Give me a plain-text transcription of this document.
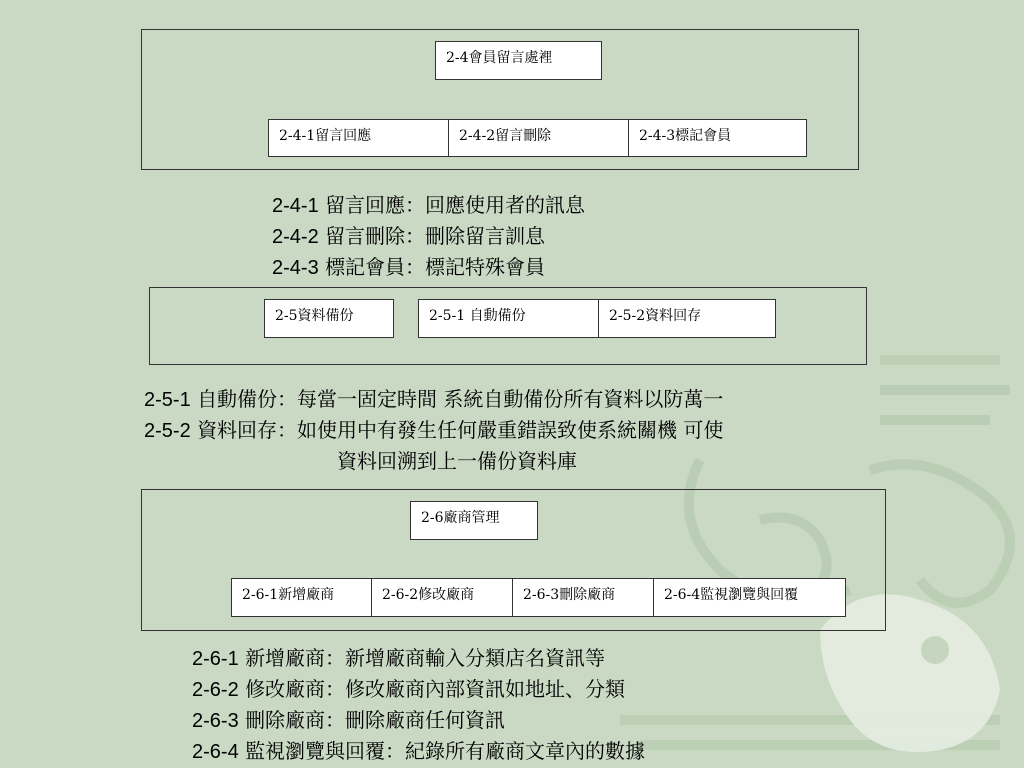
2-4會員留言處裡
2-4-1留言回應	2-4-2留言刪除	2-4-3標記會員
2-4-1 留言回應：回應使用者的訊息
2-4-2 留言刪除：刪除留言訓息
2-4-3 標記會員：標記特殊會員
2-5資料備份	2-5-1 自動備份	2-5-2資料回存
2-5-1 自動備份：每當一固定時間 系統自動備份所有資料以防萬一
2-5-2 資料回存：如使用中有發生任何嚴重錯誤致使系統關機 可使
資料回溯到上一備份資料庫
2-6廠商管理
2-6-1新增廠商	2-6-2修改廠商	2-6-3刪除廠商	2-6-4監視瀏覽與回覆
2-6-1 新增廠商：新增廠商輸入分類店名資訊等
2-6-2 修改廠商：修改廠商內部資訊如地址、分類
2-6-3 刪除廠商：刪除廠商任何資訊
2-6-4 監視瀏覽與回覆：紀錄所有廠商文章內的數據
